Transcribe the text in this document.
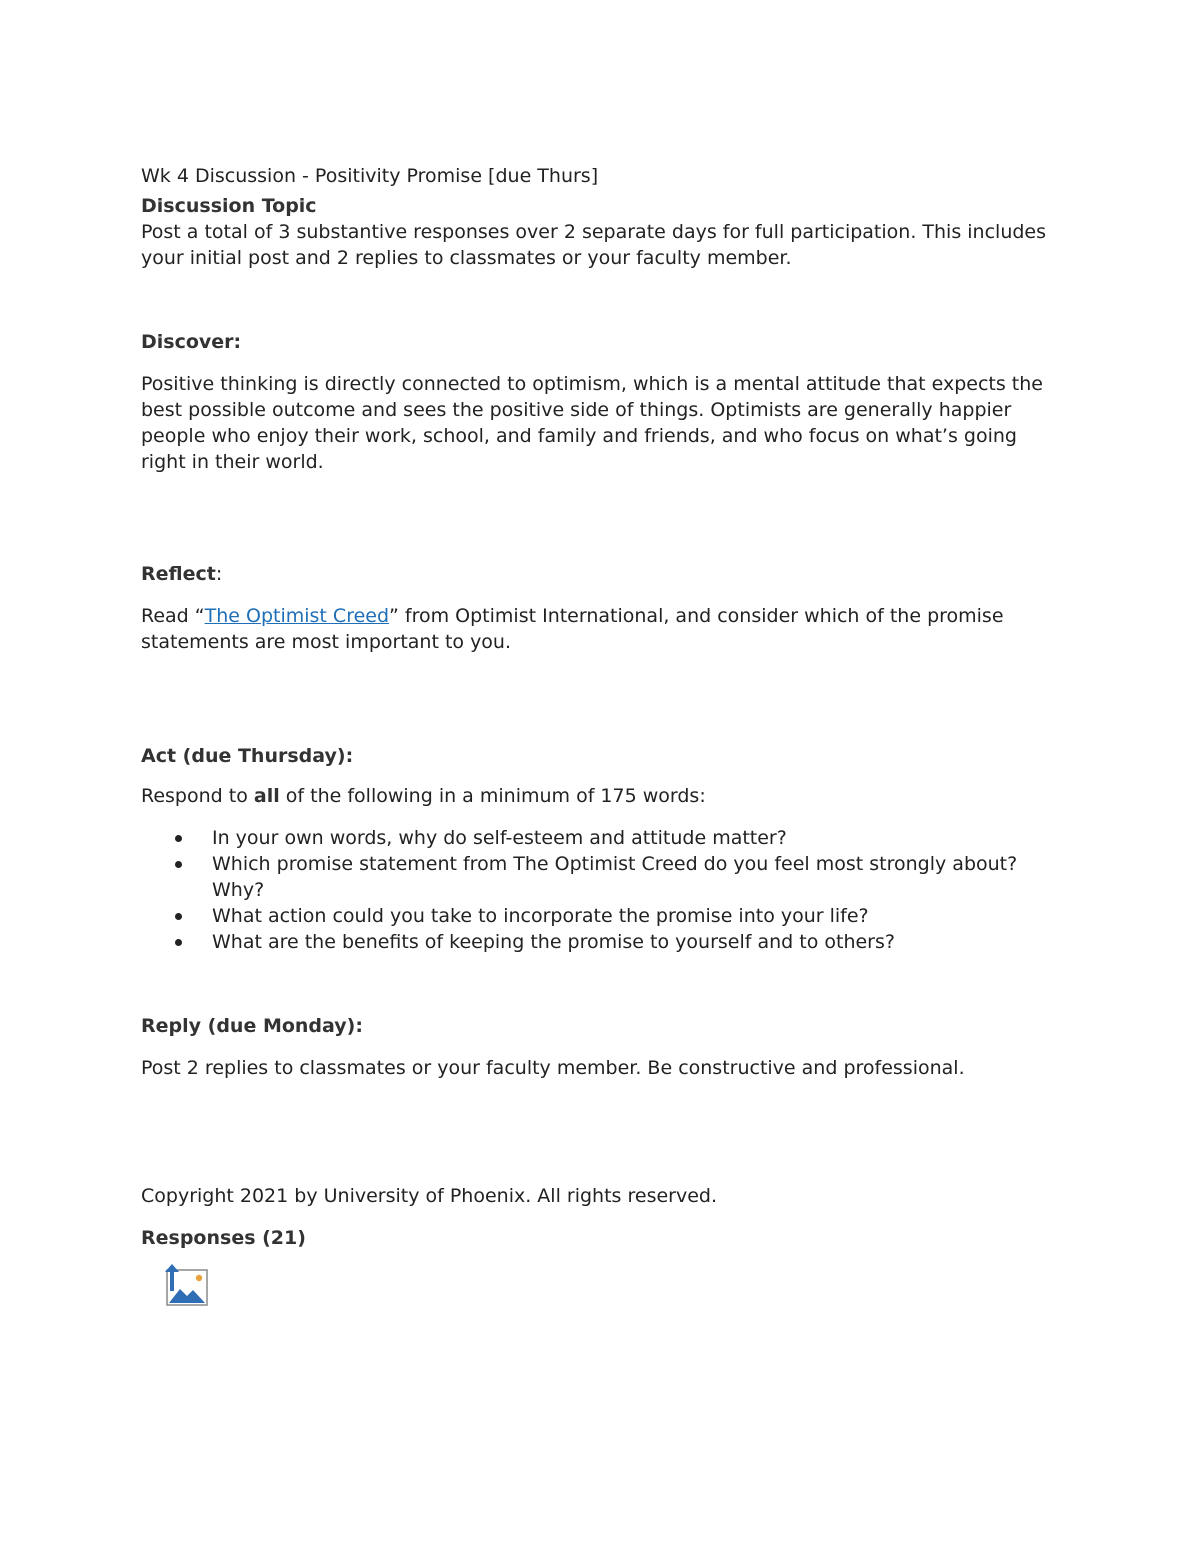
Wk 4 Discussion - Positivity Promise [due Thurs]

Discussion Topic

Post a total of 3 substantive responses over 2 separate days for full participation. This includes your initial post and 2 replies to classmates or your faculty member.

Discover:

Positive thinking is directly connected to optimism, which is a mental attitude that expects the best possible outcome and sees the positive side of things. Optimists are generally happier people who enjoy their work, school, and family and friends, and who focus on what’s going right in their world.

Reflect:

Read “The Optimist Creed” from Optimist International, and consider which of the promise statements are most important to you.

Act (due Thursday):

Respond to all of the following in a minimum of 175 words:

In your own words, why do self-esteem and attitude matter?
Which promise statement from The Optimist Creed do you feel most strongly about? Why?
What action could you take to incorporate the promise into your life?
What are the benefits of keeping the promise to yourself and to others?

Reply (due Monday):

Post 2 replies to classmates or your faculty member. Be constructive and professional.

Copyright 2021 by University of Phoenix. All rights reserved.

Responses (21)
